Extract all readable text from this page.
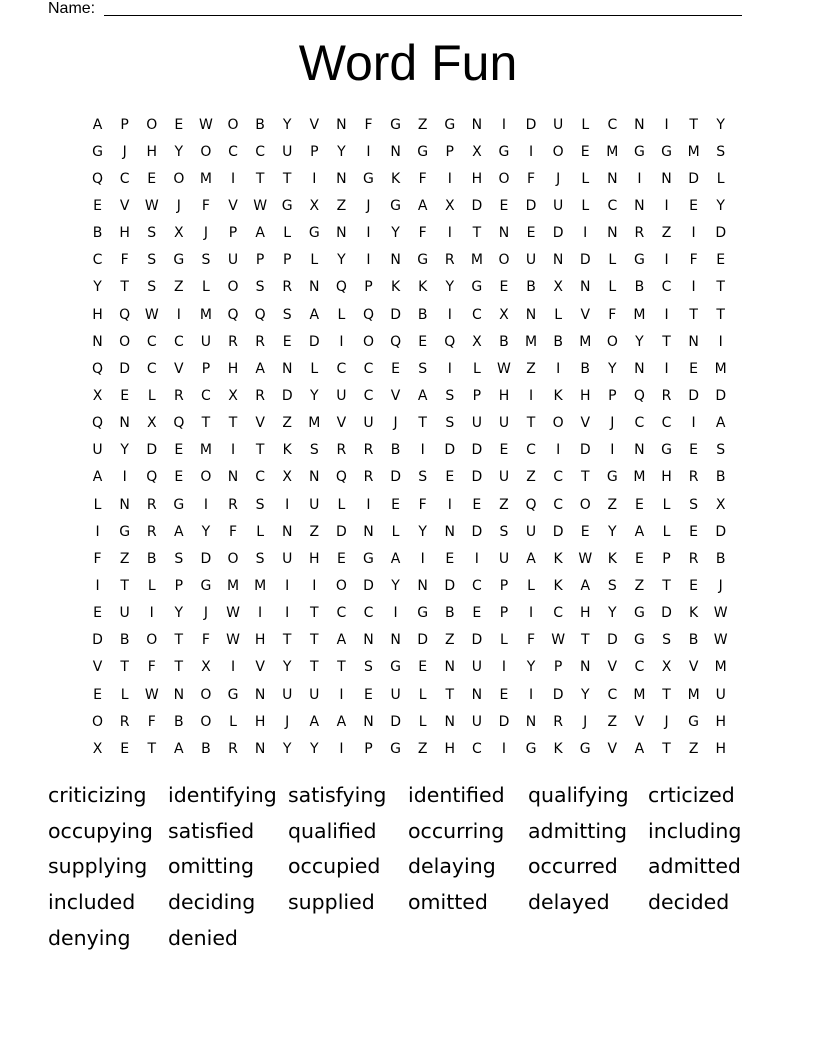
Name:
Word Fun
A	P	O	E	W	O	B	Y	V	N	F	G	Z	G	N	I	D	U	L	C	N	I	T	Y
G	J	H	Y	O	C	C	U	P	Y	I	N	G	P	X	G	I	O	E	M	G	G	M	S
Q	C	E	O	M	I	T	T	I	N	G	K	F	I	H	O	F	J	L	N	I	N	D	L
E	V	W	J	F	V	W	G	X	Z	J	G	A	X	D	E	D	U	L	C	N	I	E	Y
B	H	S	X	J	P	A	L	G	N	I	Y	F	I	T	N	E	D	I	N	R	Z	I	D
C	F	S	G	S	U	P	P	L	Y	I	N	G	R	M	O	U	N	D	L	G	I	F	E
Y	T	S	Z	L	O	S	R	N	Q	P	K	K	Y	G	E	B	X	N	L	B	C	I	T
H	Q	W	I	M	Q	Q	S	A	L	Q	D	B	I	C	X	N	L	V	F	M	I	T	T
N	O	C	C	U	R	R	E	D	I	O	Q	E	Q	X	B	M	B	M	O	Y	T	N	I
Q	D	C	V	P	H	A	N	L	C	C	E	S	I	L	W	Z	I	B	Y	N	I	E	M
X	E	L	R	C	X	R	D	Y	U	C	V	A	S	P	H	I	K	H	P	Q	R	D	D
Q	N	X	Q	T	T	V	Z	M	V	U	J	T	S	U	U	T	O	V	J	C	C	I	A
U	Y	D	E	M	I	T	K	S	R	R	B	I	D	D	E	C	I	D	I	N	G	E	S
A	I	Q	E	O	N	C	X	N	Q	R	D	S	E	D	U	Z	C	T	G	M	H	R	B
L	N	R	G	I	R	S	I	U	L	I	E	F	I	E	Z	Q	C	O	Z	E	L	S	X
I	G	R	A	Y	F	L	N	Z	D	N	L	Y	N	D	S	U	D	E	Y	A	L	E	D
F	Z	B	S	D	O	S	U	H	E	G	A	I	E	I	U	A	K	W	K	E	P	R	B
I	T	L	P	G	M	M	I	I	O	D	Y	N	D	C	P	L	K	A	S	Z	T	E	J
E	U	I	Y	J	W	I	I	T	C	C	I	G	B	E	P	I	C	H	Y	G	D	K	W
D	B	O	T	F	W	H	T	T	A	N	N	D	Z	D	L	F	W	T	D	G	S	B	W
V	T	F	T	X	I	V	Y	T	T	S	G	E	N	U	I	Y	P	N	V	C	X	V	M
E	L	W	N	O	G	N	U	U	I	E	U	L	T	N	E	I	D	Y	C	M	T	M	U
O	R	F	B	O	L	H	J	A	A	N	D	L	N	U	D	N	R	J	Z	V	J	G	H
X	E	T	A	B	R	N	Y	Y	I	P	G	Z	H	C	I	G	K	G	V	A	T	Z	H
criticizing	identifying satisfying	identified	qualifying crticized
occupying satisfied	qualified	occurring	admitting	including
supplying	omitting	occupied	delaying	occurred	admitted
included	deciding	supplied	omitted	delayed	decided
denying	denied
